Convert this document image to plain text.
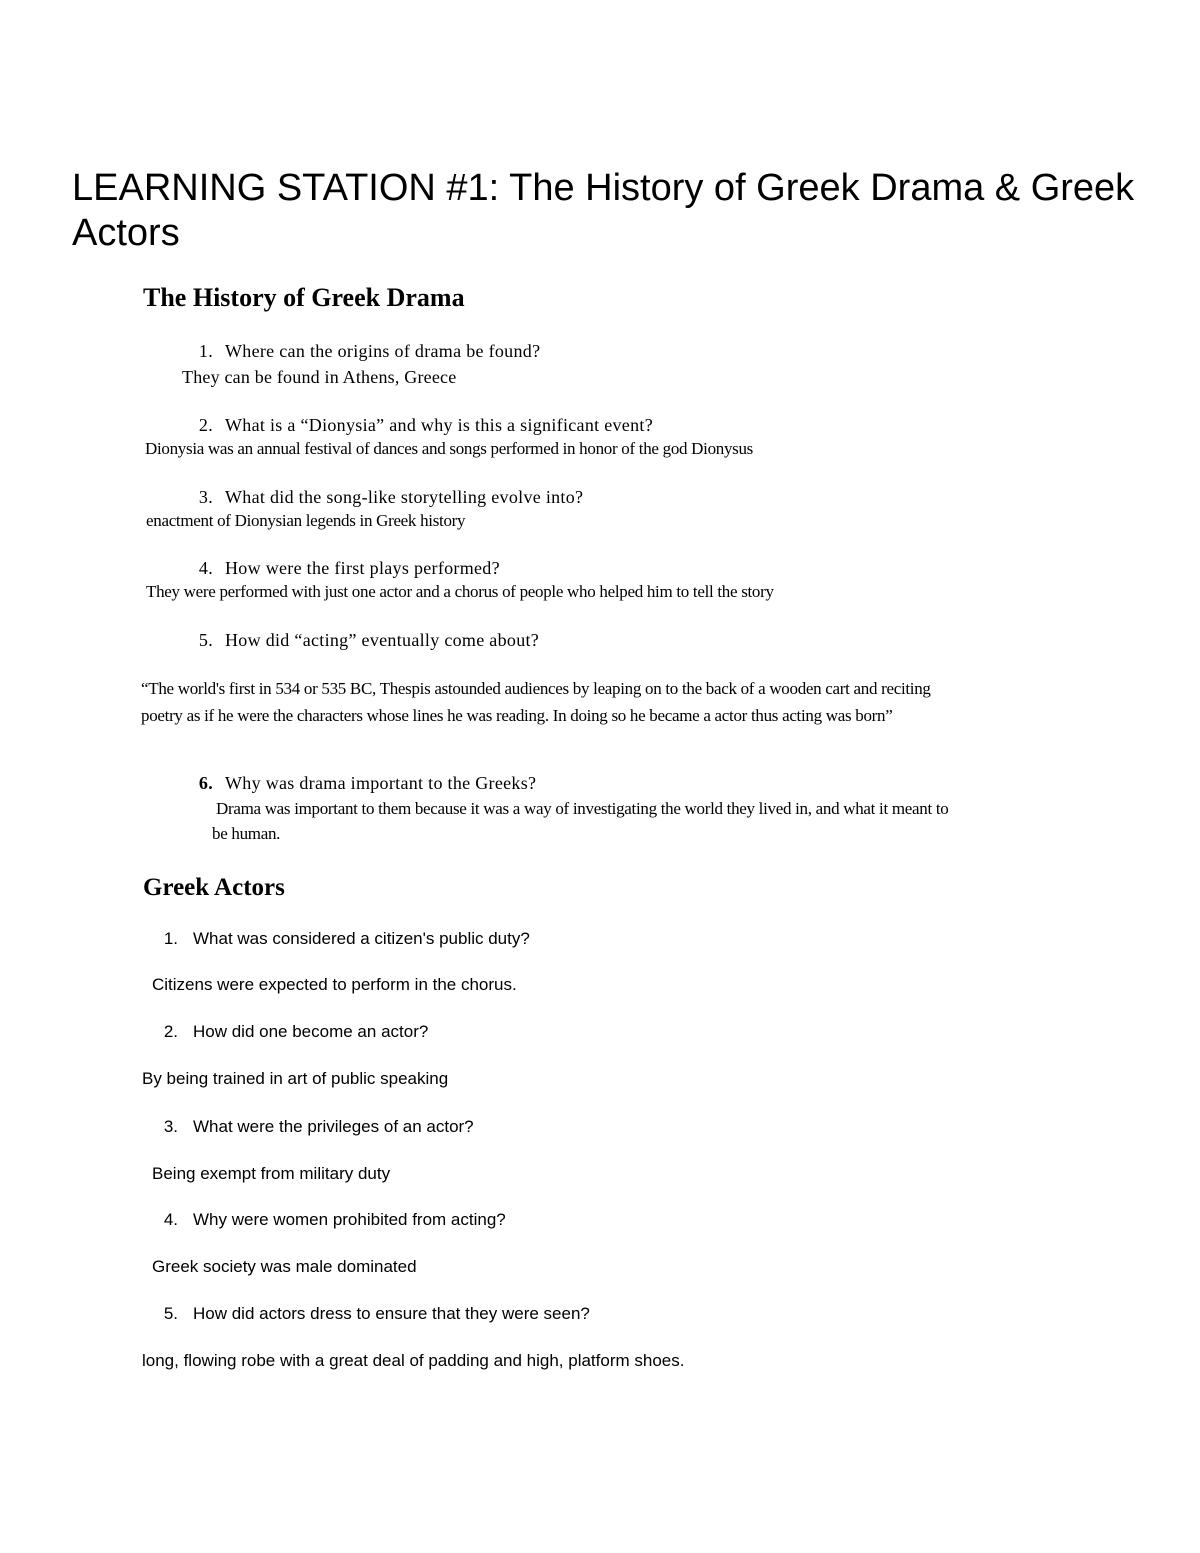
LEARNING STATION #1: The History of Greek Drama & Greek
Actors
The History of Greek Drama
1. Where can the origins of drama be found?
They can be found in Athens, Greece
2. What is a “Dionysia” and why is this a significant event?
Dionysia was an annual festival of dances and songs performed in honor of the god Dionysus
3. What did the song-like storytelling evolve into?
enactment of Dionysian legends in Greek history
4. How were the first plays performed?
They were performed with just one actor and a chorus of people who helped him to tell the story
5. How did “acting” eventually come about?
“The world's first in 534 or 535 BC, Thespis astounded audiences by leaping on to the back of a wooden cart and reciting
poetry as if he were the characters whose lines he was reading. In doing so he became a actor thus acting was born”
6. Why was drama important to the Greeks?
Drama was important to them because it was a way of investigating the world they lived in, and what it meant to
be human.
Greek Actors
1. What was considered a citizen's public duty?
Citizens were expected to perform in the chorus.
2. How did one become an actor?
By being trained in art of public speaking
3. What were the privileges of an actor?
Being exempt from military duty
4. Why were women prohibited from acting?
Greek society was male dominated
5. How did actors dress to ensure that they were seen?
long, flowing robe with a great deal of padding and high, platform shoes.
